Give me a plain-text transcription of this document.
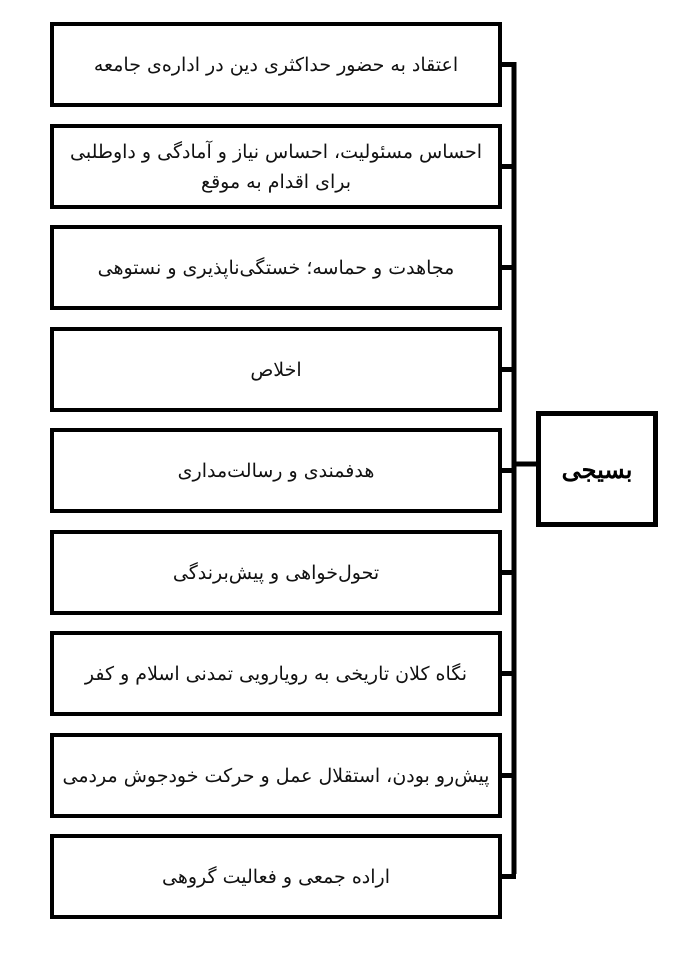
اعتقاد به حضور حداکثری دین در اداره‌ی جامعه
احساس مسئولیت، احساس نیاز و آمادگی و داوطلبی برای اقدام به موقع
مجاهدت و حماسه؛ خستگی‌ناپذیری و نستوهی
اخلاص
هدفمندی و رسالت‌مداری
تحول‌خواهی و پیش‌برندگی
نگاه کلان تاریخی به رویارویی تمدنی اسلام و کفر
پیش‌رو بودن، استقلال عمل و حرکت خودجوش مردمی
اراده جمعی و فعالیت گروهی
بسیجی
